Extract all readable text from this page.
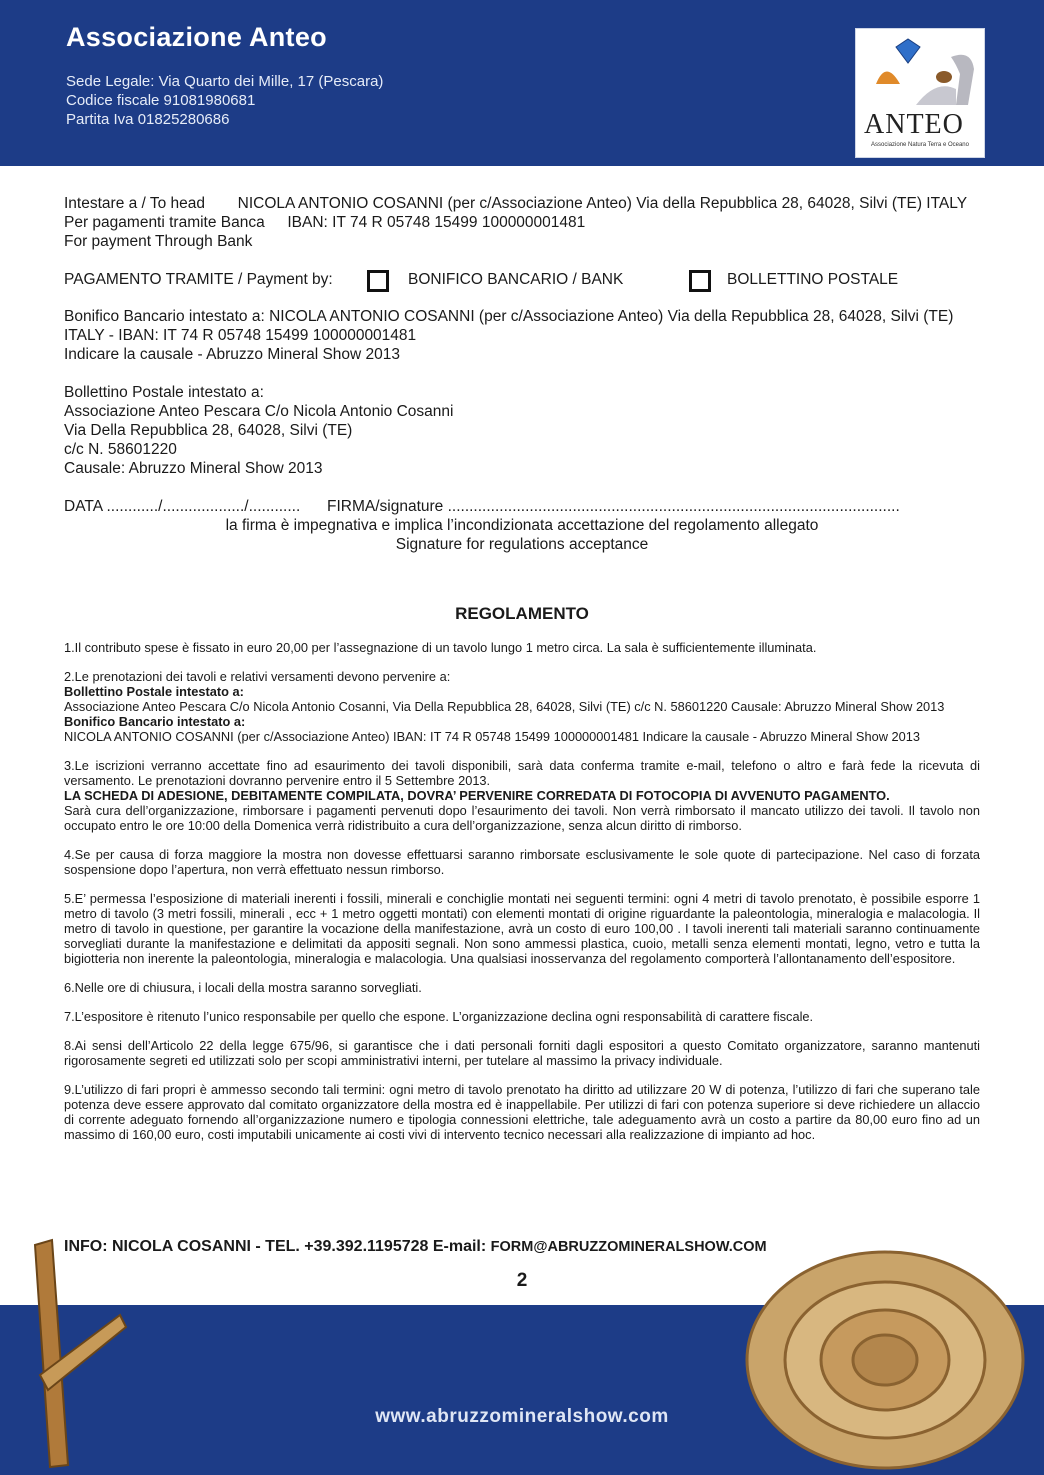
Associazione Anteo
Sede Legale: Via Quarto dei Mille, 17 (Pescara)
Codice fiscale 91081980681
Partita Iva 01825280686	ANTEO
Associazione Natura Terra e Oceano
Intestare a / To head NICOLA ANTONIO COSANNI (per c/Associazione Anteo) Via della Repubblica 28, 64028, Silvi (TE) ITALY
Per pagamenti tramite Banca IBAN: IT 74 R 05748 15499 100000001481
For payment Through Bank
PAGAMENTO TRAMITE / Payment by:	BONIFICO BANCARIO / BANK	BOLLETTINO POSTALE
Bonifico Bancario intestato a: NICOLA ANTONIO COSANNI (per c/Associazione Anteo) Via della Repubblica 28, 64028, Silvi (TE)
ITALY - IBAN: IT 74 R 05748 15499 100000001481
Indicare la causale - Abruzzo Mineral Show 2013
Bollettino Postale intestato a:
Associazione Anteo Pescara C/o Nicola Antonio Cosanni
Via Della Repubblica 28, 64028, Silvi (TE)
c/c N. 58601220
Causale: Abruzzo Mineral Show 2013
DATA ............/.................../............ FIRMA/signature .........................................................................................................
la firma è impegnativa e implica l’incondizionata accettazione del regolamento allegato
Signature for regulations acceptance
REGOLAMENTO

1.Il contributo spese è fissato in euro 20,00 per l’assegnazione di un tavolo lungo 1 metro circa. La sala è sufficientemente illuminata.

2.Le prenotazioni dei tavoli e relativi versamenti devono pervenire a:
Bollettino Postale intestato a:
Associazione Anteo Pescara C/o Nicola Antonio Cosanni, Via Della Repubblica 28, 64028, Silvi (TE) c/c N. 58601220 Causale: Abruzzo Mineral Show 2013
Bonifico Bancario intestato a:
NICOLA ANTONIO COSANNI (per c/Associazione Anteo) IBAN: IT 74 R 05748 15499 100000001481 Indicare la causale - Abruzzo Mineral Show 2013

3.Le iscrizioni verranno accettate fino ad esaurimento dei tavoli disponibili, sarà data conferma tramite e-mail, telefono o altro e farà fede la ricevuta di versamento. Le prenotazioni dovranno pervenire entro il 5 Settembre 2013.
LA SCHEDA DI ADESIONE, DEBITAMENTE COMPILATA, DOVRA’ PERVENIRE CORREDATA DI FOTOCOPIA DI AVVENUTO PAGAMENTO.
Sarà cura dell’organizzazione, rimborsare i pagamenti pervenuti dopo l’esaurimento dei tavoli. Non verrà rimborsato il mancato utilizzo dei tavoli. Il tavolo non occupato entro le ore 10:00 della Domenica verrà ridistribuito a cura dell’organizzazione, senza alcun diritto di rimborso.

4.Se per causa di forza maggiore la mostra non dovesse effettuarsi saranno rimborsate esclusivamente le sole quote di partecipazione. Nel caso di forzata sospensione dopo l’apertura, non verrà effettuato nessun rimborso.

5.E’ permessa l’esposizione di materiali inerenti i fossili, minerali e conchiglie montati nei seguenti termini: ogni 4 metri di tavolo prenotato, è possibile esporre 1 metro di tavolo (3 metri fossili, minerali , ecc + 1 metro oggetti montati) con elementi montati di origine riguardante la paleontologia, mineralogia e malacologia. Il metro di tavolo in questione, per garantire la vocazione della manifestazione, avrà un costo di euro 100,00 . I tavoli inerenti tali materiali saranno continuamente sorvegliati durante la manifestazione e delimitati da appositi segnali. Non sono ammessi plastica, cuoio, metalli senza elementi montati, legno, vetro e tutta la bigiotteria non inerente la paleontologia, mineralogia e malacologia. Una qualsiasi inosservanza del regolamento comporterà l’allontanamento dell’espositore.

6.Nelle ore di chiusura, i locali della mostra saranno sorvegliati.

7.L’espositore è ritenuto l’unico responsabile per quello che espone. L’organizzazione declina ogni responsabilità di carattere fiscale.

8.Ai sensi dell’Articolo 22 della legge 675/96, si garantisce che i dati personali forniti dagli espositori a questo Comitato organizzatore, saranno mantenuti rigorosamente segreti ed utilizzati solo per scopi amministrativi interni, per tutelare al massimo la privacy individuale.

9.L’utilizzo di fari propri è ammesso secondo tali termini: ogni metro di tavolo prenotato ha diritto ad utilizzare 20 W di potenza, l’utilizzo di fari che superano tale potenza deve essere approvato dal comitato organizzatore della mostra ed è inappellabile. Per utilizzi di fari con potenza superiore si deve richiedere un allaccio di corrente adeguato fornendo all’organizzazione numero e tipologia connessioni elettriche, tale adeguamento avrà un costo a partire da 80,00 euro fino ad un massimo di 160,00 euro, costi imputabili unicamente ai costi vivi di intervento tecnico necessari alla realizzazione di impianto ad hoc.

INFO: NICOLA COSANNI - TEL. +39.392.1195728 E-mail: FORM@ABRUZZOMINERALSHOW.COM
2
www.abruzzomineralshow.com
